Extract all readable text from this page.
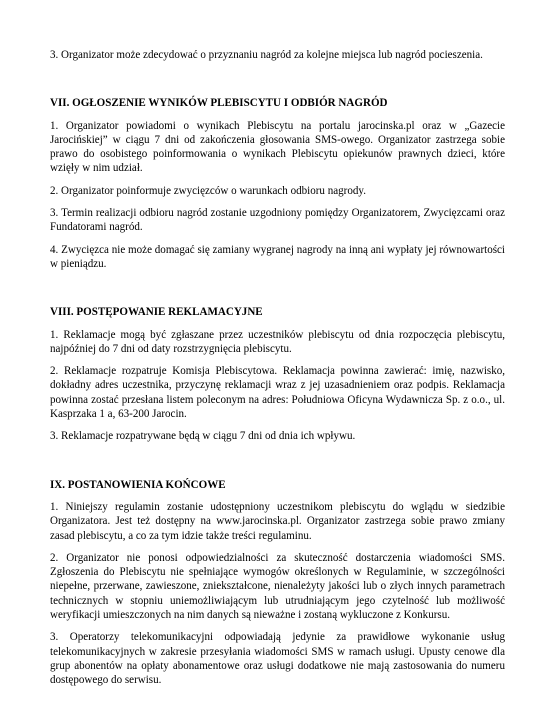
3. Organizator może zdecydować o przyznaniu nagród za kolejne miejsca lub nagród pocieszenia.

VII. OGŁOSZENIE WYNIKÓW PLEBISCYTU I ODBIÓR NAGRÓD

1. Organizator powiadomi o wynikach Plebiscytu na portalu jarocinska.pl oraz w „Gazecie Jarocińskiej” w ciągu 7 dni od zakończenia głosowania SMS-owego. Organizator zastrzega sobie prawo do osobistego poinformowania o wynikach Plebiscytu opiekunów prawnych dzieci, które wzięły w nim udział.

2. Organizator poinformuje zwycięzców o warunkach odbioru nagrody.

3. Termin realizacji odbioru nagród zostanie uzgodniony pomiędzy Organizatorem, Zwycięzcami oraz Fundatorami nagród.

4. Zwycięzca nie może domagać się zamiany wygranej nagrody na inną ani wypłaty jej równowartości w pieniądzu.

VIII. POSTĘPOWANIE REKLAMACYJNE

1. Reklamacje mogą być zgłaszane przez uczestników plebiscytu od dnia rozpoczęcia plebiscytu, najpóźniej do 7 dni od daty rozstrzygnięcia plebiscytu.

2. Reklamacje rozpatruje Komisja Plebiscytowa. Reklamacja powinna zawierać: imię, nazwisko, dokładny adres uczestnika, przyczynę reklamacji wraz z jej uzasadnieniem oraz podpis. Reklamacja powinna zostać przesłana listem poleconym na adres: Południowa Oficyna Wydawnicza Sp. z o.o., ul. Kasprzaka 1 a, 63-200 Jarocin.

3. Reklamacje rozpatrywane będą w ciągu 7 dni od dnia ich wpływu.

IX. POSTANOWIENIA KOŃCOWE

1. Niniejszy regulamin zostanie udostępniony uczestnikom plebiscytu do wglądu w siedzibie Organizatora. Jest też dostępny na www.jarocinska.pl. Organizator zastrzega sobie prawo zmiany zasad plebiscytu, a co za tym idzie także treści regulaminu.

2. Organizator nie ponosi odpowiedzialności za skuteczność dostarczenia wiadomości SMS. Zgłoszenia do Plebiscytu nie spełniające wymogów określonych w Regulaminie, w szczególności niepełne, przerwane, zawieszone, zniekształcone, nienależyty jakości lub o złych innych parametrach technicznych w stopniu uniemożliwiającym lub utrudniającym jego czytelność lub możliwość weryfikacji umieszczonych na nim danych są nieważne i zostaną wykluczone z Konkursu.

3. Operatorzy telekomunikacyjni odpowiadają jedynie za prawidłowe wykonanie usług telekomunikacyjnych w zakresie przesyłania wiadomości SMS w ramach usługi. Upusty cenowe dla grup abonentów na opłaty abonamentowe oraz usługi dodatkowe nie mają zastosowania do numeru dostępowego do serwisu.
